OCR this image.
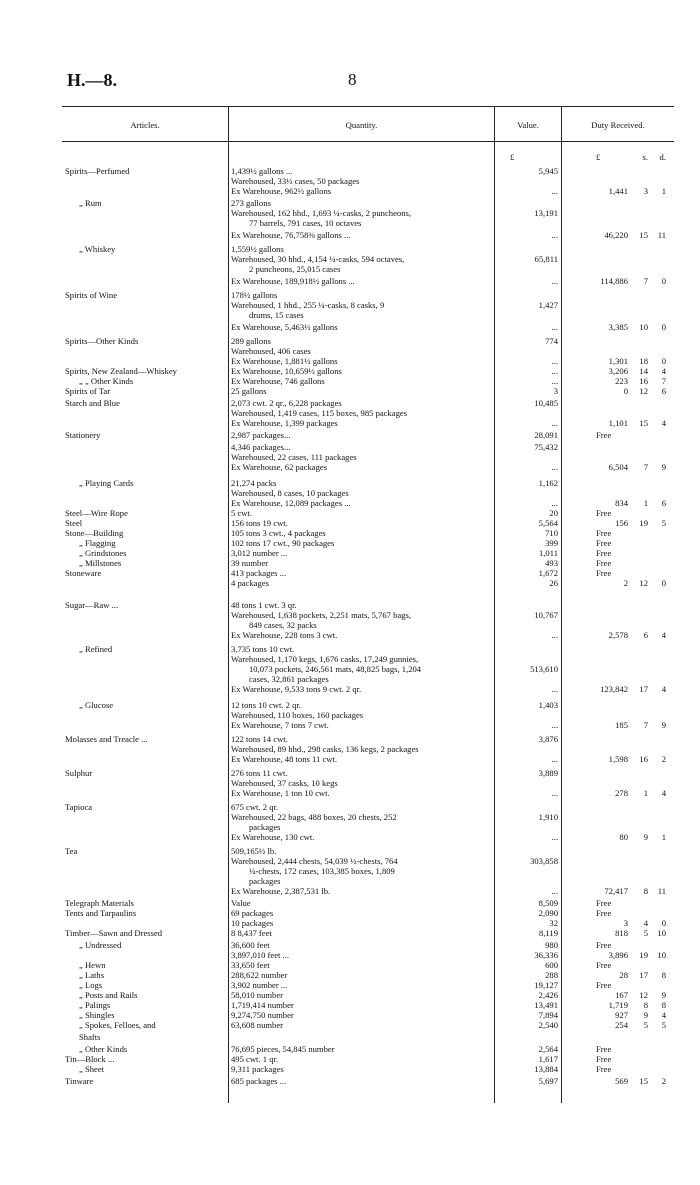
H.—8.	8
Articles.	Quantity.	Value.	Duty Received.
£	£	s. d.
Spirits—Perfumed	1,439½ gallons ...	5,945
Warehoused, 33½ cases, 50 packages
Ex Warehouse, 962½ gallons	...	1,441 3 1
„ Rum	273 gallons
Warehoused, 162 hhd., 1,693 ¼-casks, 2 puncheons,	13,191
77 barrels, 791 cases, 10 octaves
Ex Warehouse, 76,758⅜ gallons ...	...	46,220 15 11
„ Whiskey	1,559½ gallons
Warehoused, 30 hhd., 4,154 ¼-casks, 594 octaves,	65,811
2 puncheons, 25,015 cases
Ex Warehouse, 189,918½ gallons ...	...	114,886 7 0
Spirits of Wine	178½ gallons
Warehoused, 1 hhd., 255 ¼-casks, 8 casks, 9	1,427
drums, 15 cases
Ex Warehouse, 5,463½ gallons	...	3,385 10 0
Spirits—Other Kinds	289 gallons	774
Warehoused, 406 cases
Ex Warehouse, 1,881½ gallons	...	1,301 18 0
Spirits, New Zealand—Whiskey	Ex Warehouse, 10,659½ gallons	...	3,206 14 4
„ „ Other Kinds	Ex Warehouse, 746 gallons	...	223 16 7
Spirits of Tar	25 gallons	3	0 12 6
Starch and Blue	2,073 cwt. 2 qr., 6,228 packages	10,485
Warehoused, 1,419 cases, 115 boxes, 985 packages
Ex Warehouse, 1,399 packages	...	1,101 15 4
Stationery	2,987 packages...	28,091	Free
4,346 packages...	75,432
Warehoused, 22 cases, 111 packages
Ex Warehouse, 62 packages	...	6,504 7 9
„ Playing Cards	21,274 packs	1,162
Warehoused, 8 cases, 10 packages
Ex Warehouse, 12,089 packages ...	...	834 1 6
Steel—Wire Rope	5 cwt.	20	Free
Steel	156 tons 19 cwt.	5,564	156 19 5
Stone—Building	105 tons 3 cwt., 4 packages	710	Free
„ Flagging	102 tons 17 cwt., 90 packages	399	Free
„ Grindstones	3,012 number ...	1,011	Free
„ Millstones	39 number	493	Free
Stoneware	413 packages ...	1,672	Free
4 packages	26	2 12 0
Sugar—Raw ...	48 tons 1 cwt. 3 qr.
Warehoused, 1,638 pockets, 2,251 mats, 5,767 bags,	10,767
849 cases, 32 packs
Ex Warehouse, 228 tons 3 cwt.	...	2,578 6 4
„ Refined	3,735 tons 10 cwt.
Warehoused, 1,170 kegs, 1,676 casks, 17,249 gunnies,
10,073 pockets, 246,561 mats, 48,825 bags, 1,204	513,610
cases, 32,861 packages
Ex Warehouse, 9,533 tons 9 cwt. 2 qr.	...	123,842 17 4
„ Glucose	12 tons 10 cwt. 2 qr.	1,403
Warehoused, 110 boxes, 160 packages
Ex Warehouse, 7 tons 7 cwt.	...	185 7 9
Molasses and Treacle ...	122 tons 14 cwt.	3,876
Warehoused, 89 hhd., 298 casks, 136 kegs, 2 packages
Ex Warehouse, 48 tons 11 cwt.	...	1,598 16 2
Sulphur	276 tons 11 cwt.	3,889
Warehoused, 37 casks, 10 kegs
Ex Warehouse, 1 ton 10 cwt.	...	278 1 4
Tapioca	675 cwt. 2 qr.
Warehoused, 22 bags, 488 boxes, 20 chests, 252	1,910
packages
Ex Warehouse, 130 cwt.	...	80 9 1
Tea	509,165½ lb.
Warehoused, 2,444 chests, 54,039 ½-chests, 764	303,858
¼-chests, 172 cases, 103,385 boxes, 1,809
packages
Ex Warehouse, 2,387,531 lb.	...	72,417 8 11
Telegraph Materials	Value	8,509	Free
Tents and Tarpaulins	69 packages	2,090	Free
10 packages	32	3 4 0
Timber—Sawn and Dressed	8 8,437 feet	8,119	818 5 10
„ Undressed	36,600 feet	980	Free
3,897,010 feet ...	36,336	3,896 19 10
„ Hewn	33,650 feet	600	Free
„ Laths	288,622 number	288	28 17 8
„ Logs	3,902 number ...	19,127	Free
„ Posts and Rails	58,010 number	2,426	167 12 9
„ Palings	1,719,414 number	13,491	1,719 8 8
„ Shingles	9,274,750 number	7,894	927 9 4
„ Spokes, Felloes, and	63,608 number	2,540	254 5 5
Shafts
„ Other Kinds	76,695 pieces, 54,845 number	2,564	Free
Tin—Block ...	495 cwt. 1 qr.	1,617	Free
„ Sheet	9,311 packages	13,884	Free
Tinware	685 packages ...	5,697	569 15 2
